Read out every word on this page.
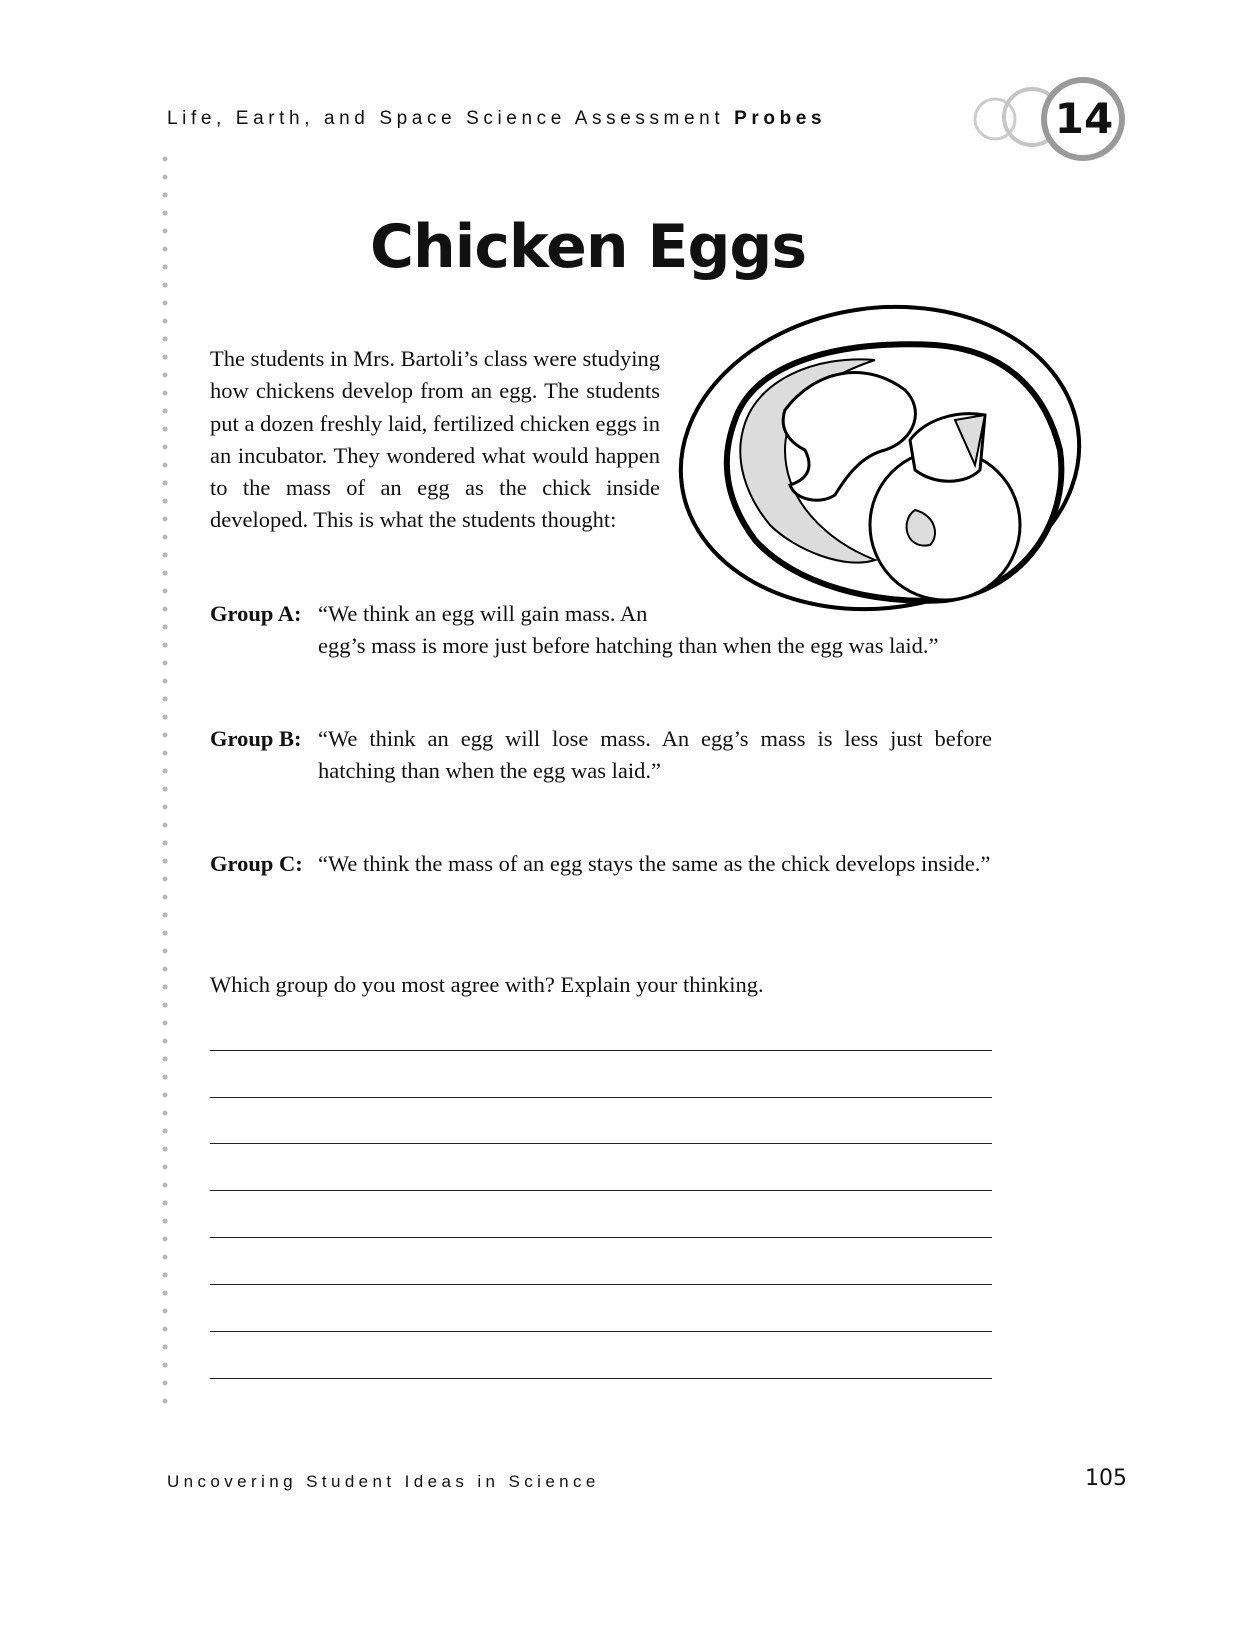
Life, Earth, and Space Science Assessment Probes	14
Chicken Eggs
The students in Mrs. Bartoli’s class were studying how chickens develop from an egg. The students put a dozen freshly laid, fertilized chicken eggs in an incubator. They wondered what would happen to the mass of an egg as the chick inside developed. This is what the students thought:
Group A: “We think an egg will gain mass. An
egg’s mass is more just before hatching than when the egg was laid.”
Group B: “We think an egg will lose mass. An egg’s mass is less just before hatching than when the egg was laid.”
Group C: “We think the mass of an egg stays the same as the chick develops inside.”
Which group do you most agree with? Explain your thinking.
Uncovering Student Ideas in Science	105
